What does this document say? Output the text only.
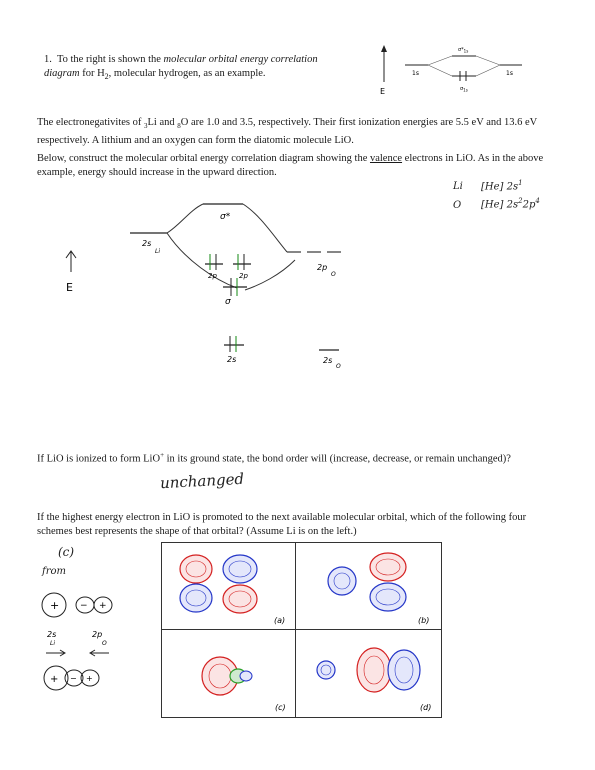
1. To the right is shown the molecular orbital energy correlation diagram for $H_2$, molecular hydrogen, as an example.
E
1s	1s
$\sigma*_{1s}$
$\sigma_{1s}$
The electronegativites of $_3$Li and $_8$O are 1.0 and 3.5, respectively. Their first ionization energies are 5.5 eV and 13.6 eV respectively. A lithium and an oxygen can form the diatomic molecule LiO.
Below, construct the molecular orbital energy correlation diagram showing the valence electrons in LiO. As in the above example, energy should increase in the upward direction.
Li [He] $2s^1$
O [He] $2s^22p^4$
E
2s
Li
σ*
2p
O
2p	2p
σ
2s	2s
O
If LiO is ionized to form LiO+ in its ground state, the bond order will (increase, decrease, or remain unchanged)?
unchanged
If the highest energy electron in LiO is promoted to the next available molecular orbital, which of the following four schemes best represents the shape of that orbital? (Assume Li is on the left.)
(c)
from
+ − +
2s
Li
2p
O
+ − +
(a)	(b)
(c)	(d)
